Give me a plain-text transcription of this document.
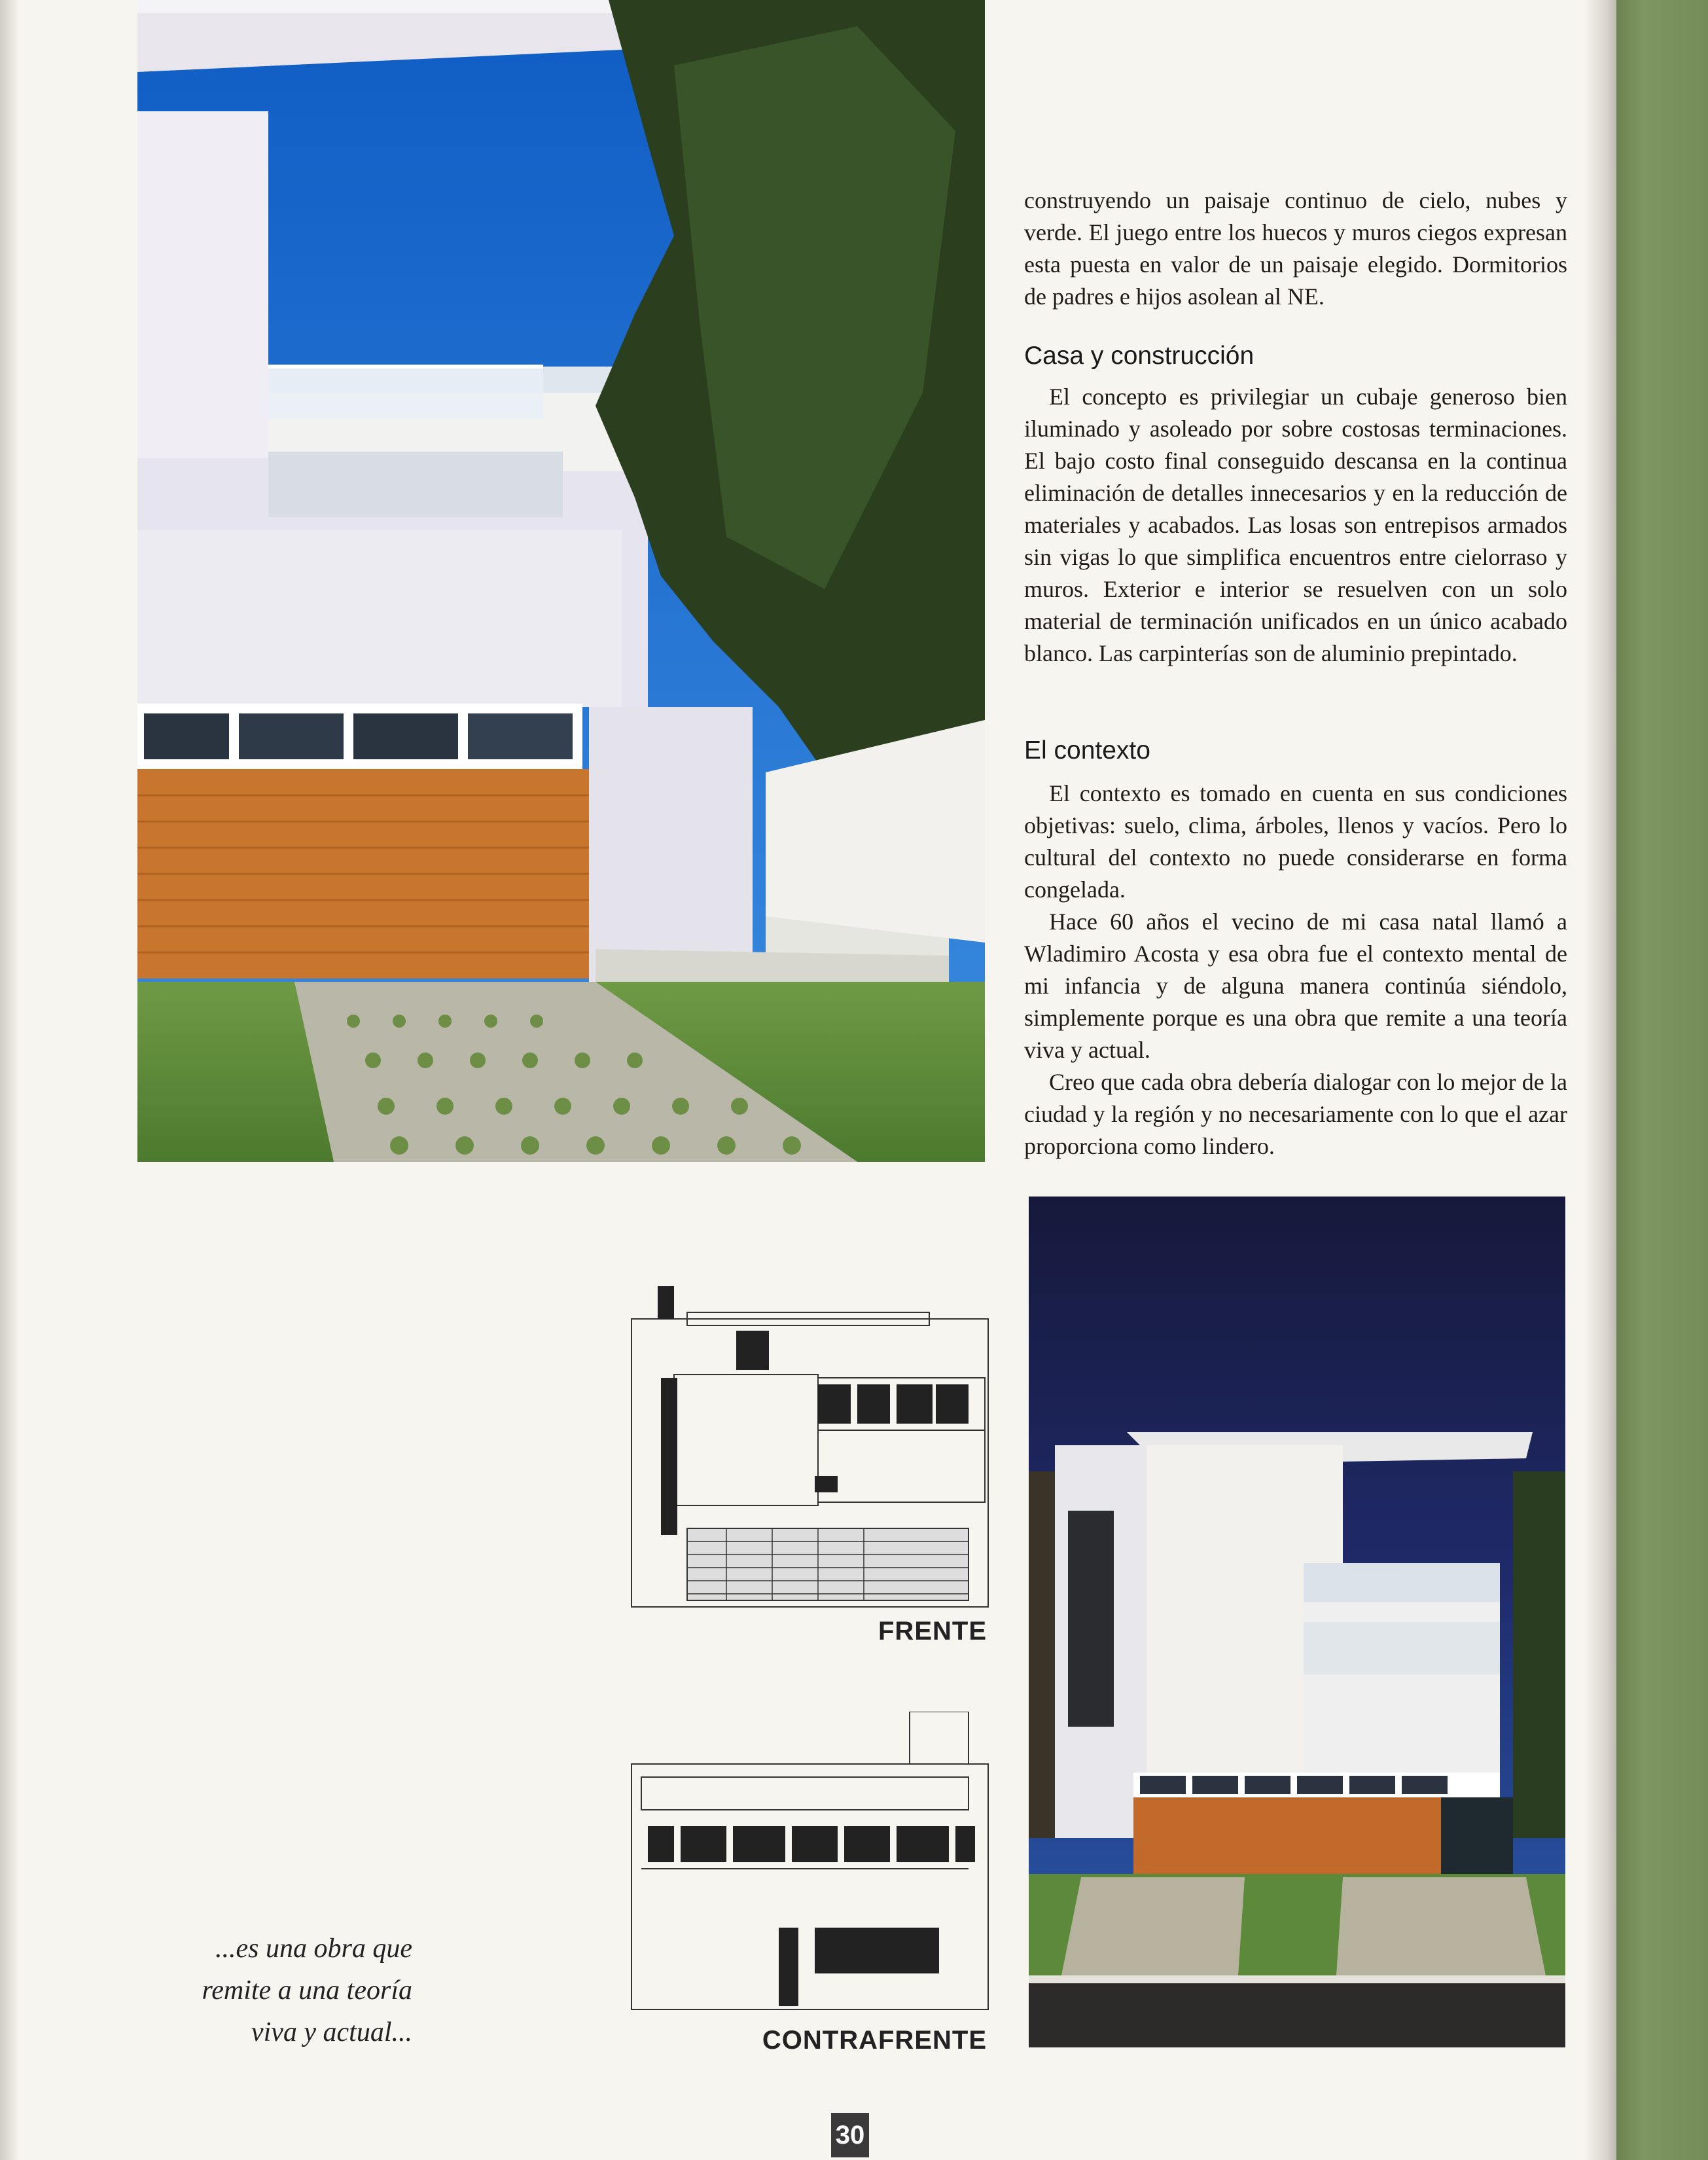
construyendo un paisaje continuo de cielo, nubes y verde. El juego entre los huecos y muros ciegos expresan esta puesta en valor de un paisaje elegido. Dormitorios de padres e hijos asolean al NE.

Casa y construcción

El concepto es privilegiar un cubaje generoso bien iluminado y asoleado por sobre costosas terminaciones. El bajo costo final conseguido descansa en la continua eliminación de detalles innecesarios y en la reducción de materiales y acabados. Las losas son entrepisos armados sin vigas lo que simplifica encuentros entre cielorraso y muros. Exterior e interior se resuelven con un solo material de terminación unificados en un único acabado blanco. Las carpinterías son de aluminio prepintado.

El contexto

El contexto es tomado en cuenta en sus condiciones objetivas: suelo, clima, árboles, llenos y vacíos. Pero lo cultural del contexto no puede considerarse en forma congelada.

Hace 60 años el vecino de mi casa natal llamó a Wladimiro Acosta y esa obra fue el contexto mental de mi infancia y de alguna manera continúa siéndolo, simplemente porque es una obra que remite a una teoría viva y actual.

Creo que cada obra debería dialogar con lo mejor de la ciudad y la región y no necesariamente con lo que el azar proporciona como lindero.

FRENTE
CONTRAFRENTE
...es una obra que
remite a una teoría
viva y actual...
30
